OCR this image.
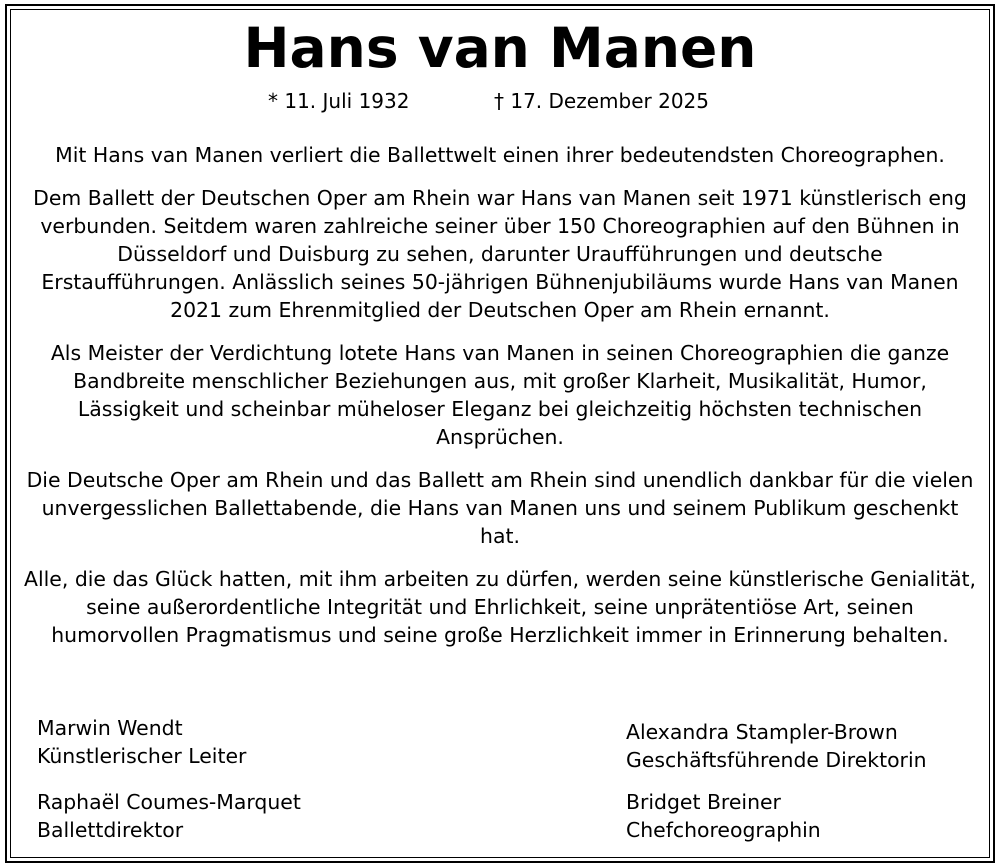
Hans van Manen
* 11. Juli 1932	† 17. Dezember 2025

Mit Hans van Manen verliert die Ballettwelt einen ihrer bedeutendsten Choreographen.

Dem Ballett der Deutschen Oper am Rhein war Hans van Manen seit 1971 künstlerisch eng verbunden. Seitdem waren zahlreiche seiner über 150 Choreographien auf den Bühnen in Düsseldorf und Duisburg zu sehen, darunter Uraufführungen und deutsche Erstaufführungen. Anlässlich seines 50-jährigen Bühnenjubiläums wurde Hans van Manen 2021 zum Ehrenmitglied der Deutschen Oper am Rhein ernannt.

Als Meister der Verdichtung lotete Hans van Manen in seinen Choreographien die ganze Bandbreite menschlicher Beziehungen aus, mit großer Klarheit, Musikalität, Humor, Lässigkeit und scheinbar müheloser Eleganz bei gleichzeitig höchsten technischen Ansprüchen.

Die Deutsche Oper am Rhein und das Ballett am Rhein sind unendlich dankbar für die vielen unvergesslichen Ballettabende, die Hans van Manen uns und seinem Publikum geschenkt hat.

Alle, die das Glück hatten, mit ihm arbeiten zu dürfen, werden seine künstlerische Genialität, seine außerordentliche Integrität und Ehrlichkeit, seine unprätentiöse Art, seinen humorvollen Pragmatismus und seine große Herzlichkeit immer in Erinnerung behalten.

Marwin Wendt
Künstlerischer Leiter
Alexandra Stampler-Brown
Geschäftsführende Direktorin
Raphaël Coumes-Marquet
Ballettdirektor
Bridget Breiner
Chefchoreographin
